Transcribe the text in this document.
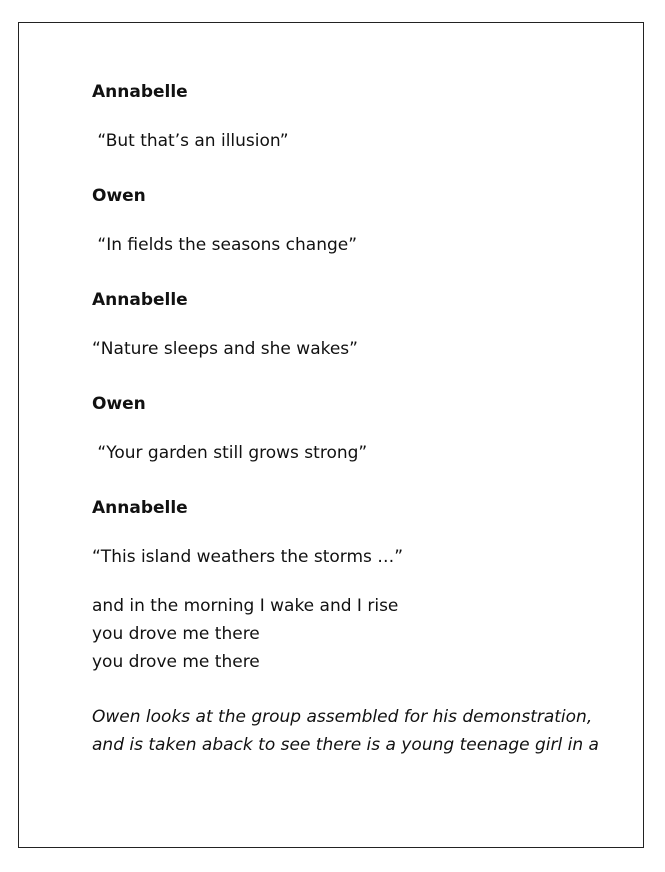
Annabelle

“But that’s an illusion”

Owen

“In fields the seasons change”

Annabelle

“Nature sleeps and she wakes”

Owen

“Your garden still grows strong”

Annabelle

“This island weathers the storms …”

and in the morning I wake and I rise

you drove me there

you drove me there

Owen looks at the group assembled for his demonstration,

and is taken aback to see there is a young teenage girl in a
